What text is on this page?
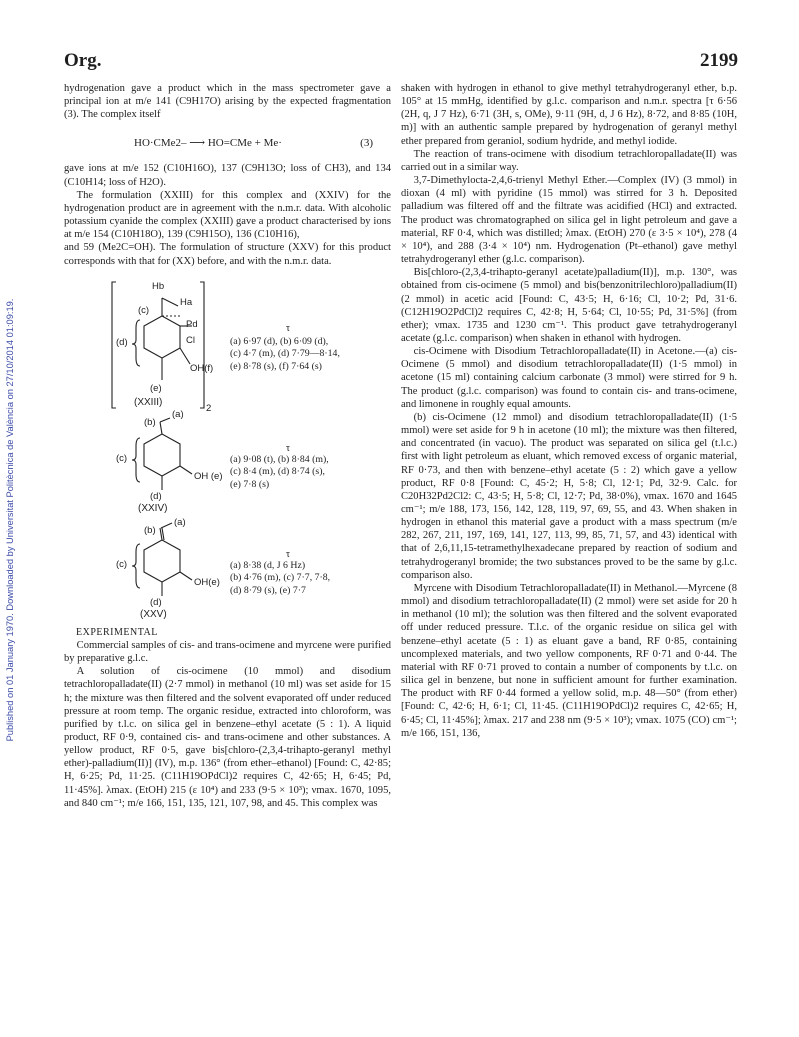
Org.	2199
Published on 01 January 1970. Downloaded by Universitat Politècnica de València on 27/10/2014 01:09:19.

hydrogenation gave a product which in the mass spectrometer gave a principal ion at m/e 141 (C9H17O) arising by the expected fragmentation (3). The complex itself

HO·CMe2– ⟶ HO=CMe + Me·	(3)

gave ions at m/e 152 (C10H16O), 137 (C9H13O; loss of CH3), and 134 (C10H14; loss of H2O).

The formulation (XXIII) for this complex and (XXIV) for the hydrogenation product are in agreement with the n.m.r. data. With alcoholic potassium cyanide the complex (XXIII) gave a product characterised by ions at m/e 154 (C10H18O), 139 (C9H15O), 136 (C10H16),

and 59 (Me2C=OH). The formulation of structure (XXV) for this product corresponds with that for (XX) before, and with the n.m.r. data.

Hb
Ha
(c)
(d)
Pd
Cl
OH(f)
(e)
(XXIII)
2
τ
(a) 6·97 (d), (b) 6·09 (d),
(c) 4·7 (m), (d) 7·79—8·14,
(e) 8·78 (s), (f) 7·64 (s)
(b)
(a)
(c)
OH (e)
(d)
(XXIV)
τ
(a) 9·08 (t), (b) 8·84 (m),
(c) 8·4 (m), (d) 8·74 (s),
(e) 7·8 (s)
(b)
(a)
(c)
OH(e)
(d)
(XXV)
τ
(a) 8·38 (d, J 6 Hz)
(b) 4·76 (m), (c) 7·7, 7·8,
(d) 8·79 (s), (e) 7·7

EXPERIMENTAL

Commercial samples of cis- and trans-ocimene and myrcene were purified by preparative g.l.c.

A solution of cis-ocimene (10 mmol) and disodium tetrachloropalladate(II) (2·7 mmol) in methanol (10 ml) was set aside for 15 h; the mixture was then filtered and the solvent evaporated off under reduced pressure at room temp. The organic residue, extracted into chloroform, was purified by t.l.c. on silica gel in benzene–ethyl acetate (5 : 1). A liquid product, RF 0·9, contained cis- and trans-ocimene and other substances. A yellow product, RF 0·5, gave bis[chloro-(2,3,4-trihapto-geranyl methyl ether)-palladium(II)] (IV), m.p. 136° (from ether–ethanol) [Found: C, 42·85; H, 6·25; Pd, 11·25. (C11H19OPdCl)2 requires C, 42·65; H, 6·45; Pd, 11·45%]. λmax. (EtOH) 215 (ε 10⁴) and 233 (9·5 × 10³); νmax. 1670, 1095, and 840 cm⁻¹; m/e 166, 151, 135, 121, 107, 98, and 45. This complex was

shaken with hydrogen in ethanol to give methyl tetrahydrogeranyl ether, b.p. 105° at 15 mmHg, identified by g.l.c. comparison and n.m.r. spectra [τ 6·56 (2H, q, J 7 Hz), 6·71 (3H, s, OMe), 9·11 (9H, d, J 6 Hz), 8·72, and 8·85 (10H, m)] with an authentic sample prepared by hydrogenation of geranyl methyl ether prepared from geraniol, sodium hydride, and methyl iodide.

The reaction of trans-ocimene with disodium tetrachloropalladate(II) was carried out in a similar way.

3,7-Dimethylocta-2,4,6-trienyl Methyl Ether.—Complex (IV) (3 mmol) in dioxan (4 ml) with pyridine (15 mmol) was stirred for 3 h. Deposited palladium was filtered off and the filtrate was acidified (HCl) and extracted. The product was chromatographed on silica gel in light petroleum and gave a material, RF 0·4, which was distilled; λmax. (EtOH) 270 (ε 3·5 × 10⁴), 278 (4 × 10⁴), and 288 (3·4 × 10⁴) nm. Hydrogenation (Pt–ethanol) gave methyl tetrahydrogeranyl ether (g.l.c. comparison).

Bis[chloro-(2,3,4-trihapto-geranyl acetate)palladium(II)], m.p. 130°, was obtained from cis-ocimene (5 mmol) and bis(benzonitrilechloro)palladium(II) (2 mmol) in acetic acid [Found: C, 43·5; H, 6·16; Cl, 10·2; Pd, 31·6. (C12H19O2PdCl)2 requires C, 42·8; H, 5·64; Cl, 10·55; Pd, 31·5%] (from ether); νmax. 1735 and 1230 cm⁻¹. This product gave tetrahydrogeranyl acetate (g.l.c. comparison) when shaken in ethanol with hydrogen.

cis-Ocimene with Disodium Tetrachloropalladate(II) in Acetone.—(a) cis-Ocimene (5 mmol) and disodium tetrachloropalladate(II) (1·5 mmol) in acetone (15 ml) containing calcium carbonate (3 mmol) were stirred for 9 h. The product (g.l.c. comparison) was found to contain cis- and trans-ocimene, and limonene in roughly equal amounts.

(b) cis-Ocimene (12 mmol) and disodium tetrachloropalladate(II) (1·5 mmol) were set aside for 9 h in acetone (10 ml); the mixture was then filtered, and concentrated (in vacuo). The product was separated on silica gel (t.l.c.) first with light petroleum as eluant, which removed excess of organic material, RF 0·73, and then with benzene–ethyl acetate (5 : 2) which gave a yellow product, RF 0·8 [Found: C, 45·2; H, 5·8; Cl, 12·1; Pd, 32·9. Calc. for C20H32Pd2Cl2: C, 43·5; H, 5·8; Cl, 12·7; Pd, 38·0%), νmax. 1670 and 1645 cm⁻¹; m/e 188, 173, 156, 142, 128, 119, 97, 69, 55, and 43. When shaken in hydrogen in ethanol this material gave a product with a mass spectrum (m/e 282, 267, 211, 197, 169, 141, 127, 113, 99, 85, 71, 57, and 43) identical with that of 2,6,11,15-tetramethylhexadecane prepared by reaction of sodium and tetrahydrogeranyl bromide; the two substances proved to be the same by g.l.c. comparison also.

Myrcene with Disodium Tetrachloropalladate(II) in Methanol.—Myrcene (8 mmol) and disodium tetrachloropalladate(II) (2 mmol) were set aside for 20 h in methanol (10 ml); the solution was then filtered and the solvent evaporated off under reduced pressure. T.l.c. of the organic residue on silica gel with benzene–ethyl acetate (5 : 1) as eluant gave a band, RF 0·85, containing uncomplexed materials, and two yellow components, RF 0·71 and 0·44. The material with RF 0·71 proved to contain a number of components by t.l.c. on silica gel in benzene, but none in sufficient amount for further examination. The product with RF 0·44 formed a yellow solid, m.p. 48—50° (from ether) [Found: C, 42·6; H, 6·1; Cl, 11·45. (C11H19OPdCl)2 requires C, 42·65; H, 6·45; Cl, 11·45%]; λmax. 217 and 238 nm (9·5 × 10³); νmax. 1075 (CO) cm⁻¹; m/e 166, 151, 136,
